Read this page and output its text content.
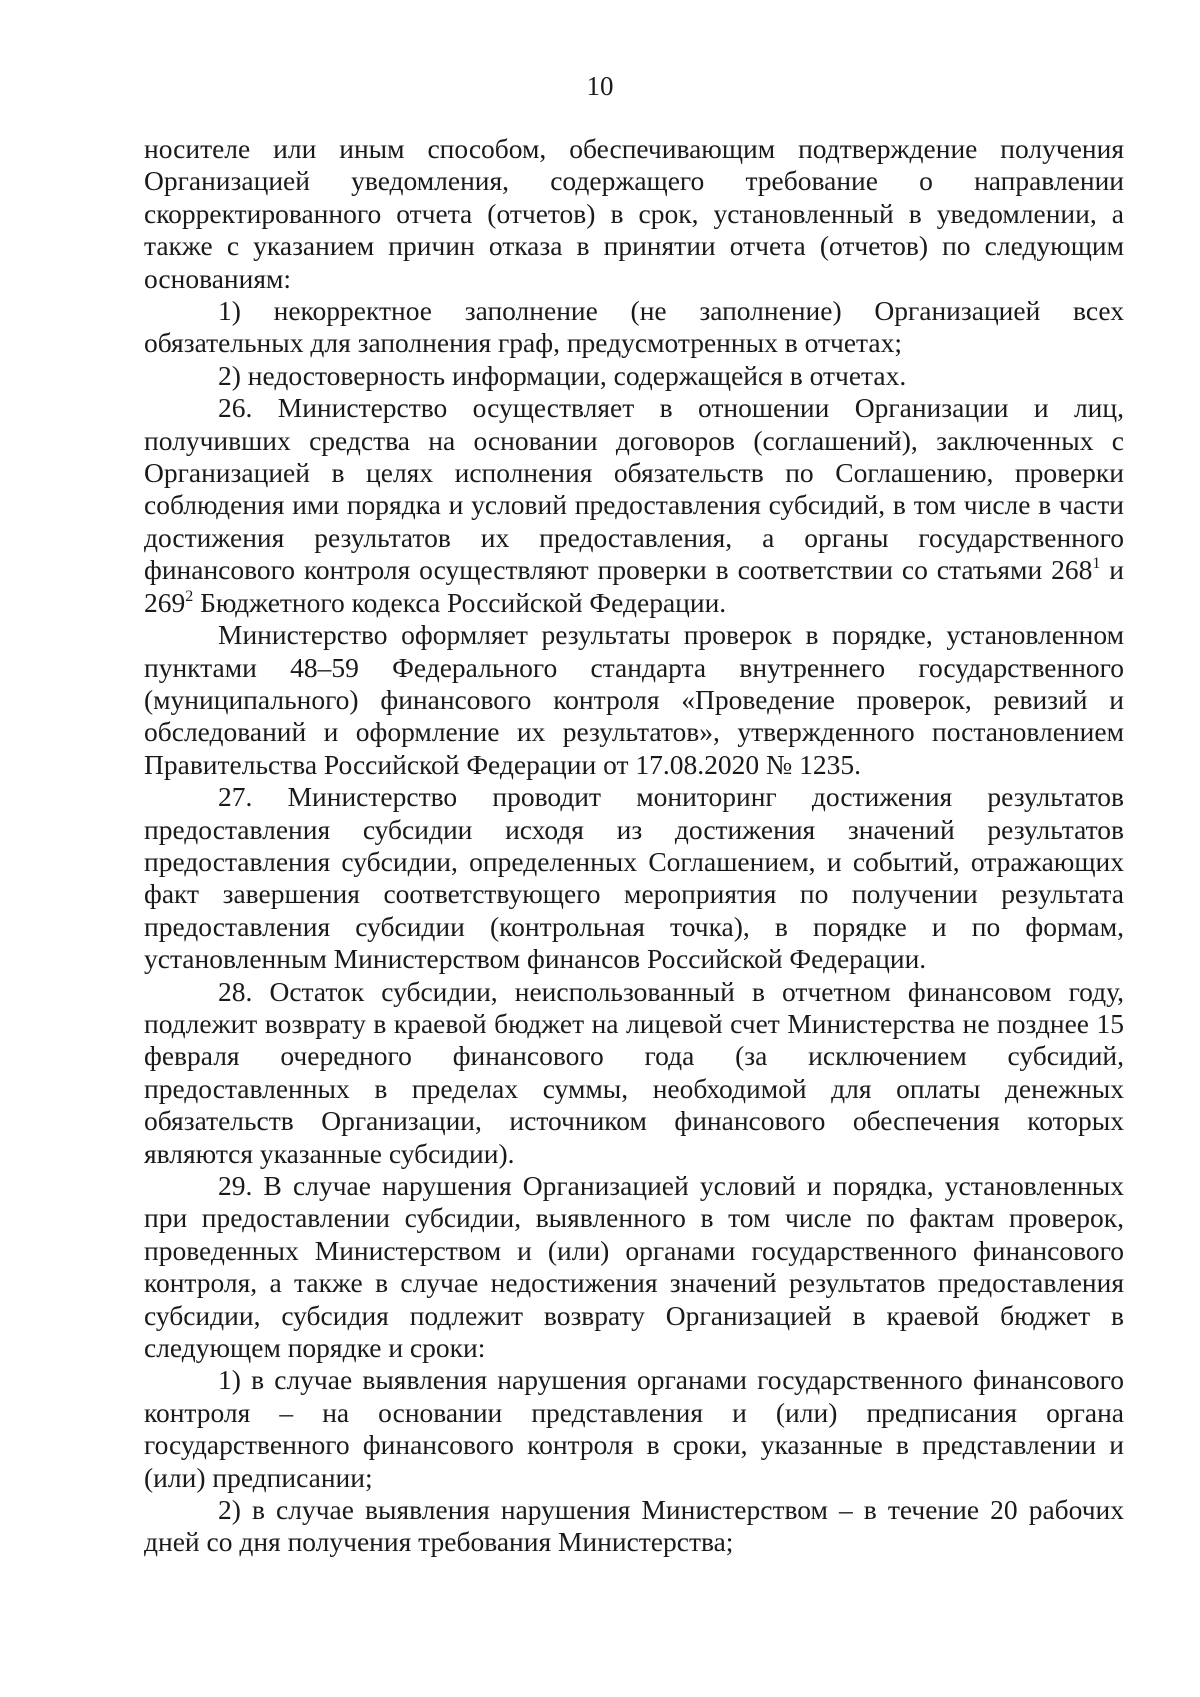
10

носителе или иным способом, обеспечивающим подтверждение получения Организацией уведомления, содержащего требование о направлении скорректированного отчета (отчетов) в срок, установленный в уведомлении, а также с указанием причин отказа в принятии отчета (отчетов) по следующим основаниям:

1) некорректное заполнение (не заполнение) Организацией всех обязательных для заполнения граф, предусмотренных в отчетах;

2) недостоверность информации, содержащейся в отчетах.

26. Министерство осуществляет в отношении Организации и лиц, получивших средства на основании договоров (соглашений), заключенных с Организацией в целях исполнения обязательств по Соглашению, проверки соблюдения ими порядка и условий предоставления субсидий, в том числе в части достижения результатов их предоставления, а органы государственного финансового контроля осуществляют проверки в соответствии со статьями $268^1$ и $269^2$ Бюджетного кодекса Российской Федерации.

Министерство оформляет результаты проверок в порядке, установленном пунктами 48–59 Федерального стандарта внутреннего государственного (муниципального) финансового контроля «Проведение проверок, ревизий и обследований и оформление их результатов», утвержденного постановлением Правительства Российской Федерации от 17.08.2020 № 1235.

27. Министерство проводит мониторинг достижения результатов предоставления субсидии исходя из достижения значений результатов предоставления субсидии, определенных Соглашением, и событий, отражающих факт завершения соответствующего мероприятия по получении результата предоставления субсидии (контрольная точка), в порядке и по формам, установленным Министерством финансов Российской Федерации.

28. Остаток субсидии, неиспользованный в отчетном финансовом году, подлежит возврату в краевой бюджет на лицевой счет Министерства не позднее 15 февраля очередного финансового года (за исключением субсидий, предоставленных в пределах суммы, необходимой для оплаты денежных обязательств Организации, источником финансового обеспечения которых являются указанные субсидии).

29. В случае нарушения Организацией условий и порядка, установленных при предоставлении субсидии, выявленного в том числе по фактам проверок, проведенных Министерством и (или) органами государственного финансового контроля, а также в случае недостижения значений результатов предоставления субсидии, субсидия подлежит возврату Организацией в краевой бюджет в следующем порядке и сроки:

1) в случае выявления нарушения органами государственного финансового контроля – на основании представления и (или) предписания органа государственного финансового контроля в сроки, указанные в представлении и (или) предписании;

2) в случае выявления нарушения Министерством – в течение 20 рабочих дней со дня получения требования Министерства;
